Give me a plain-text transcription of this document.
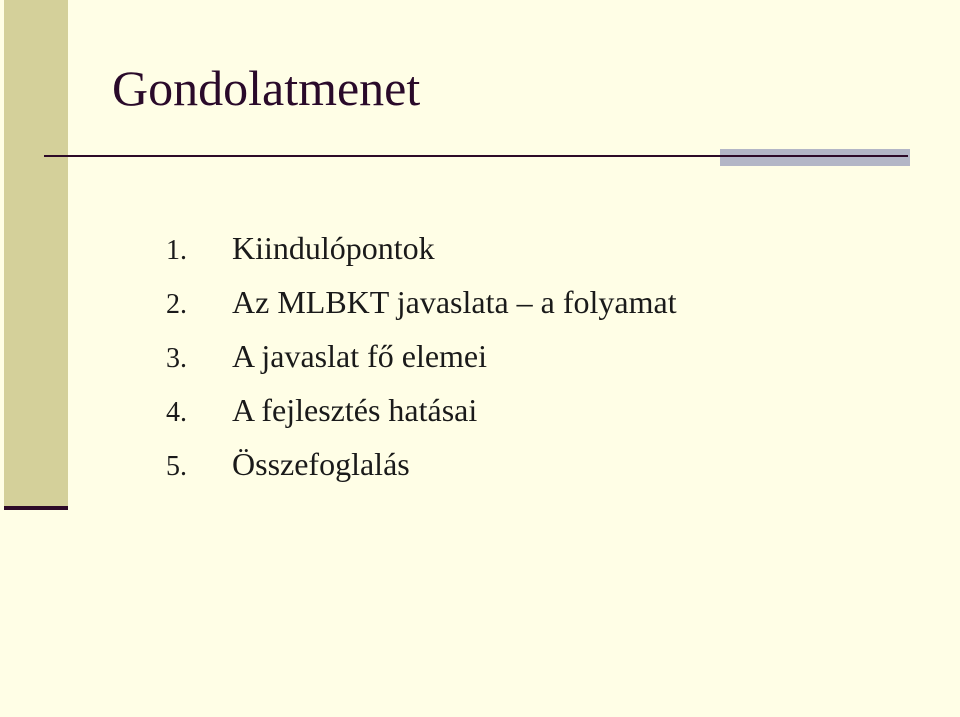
Gondolatmenet
1. Kiindulópontok
2. Az MLBKT javaslata – a folyamat
3. A javaslat fő elemei
4. A fejlesztés hatásai
5. Összefoglalás
